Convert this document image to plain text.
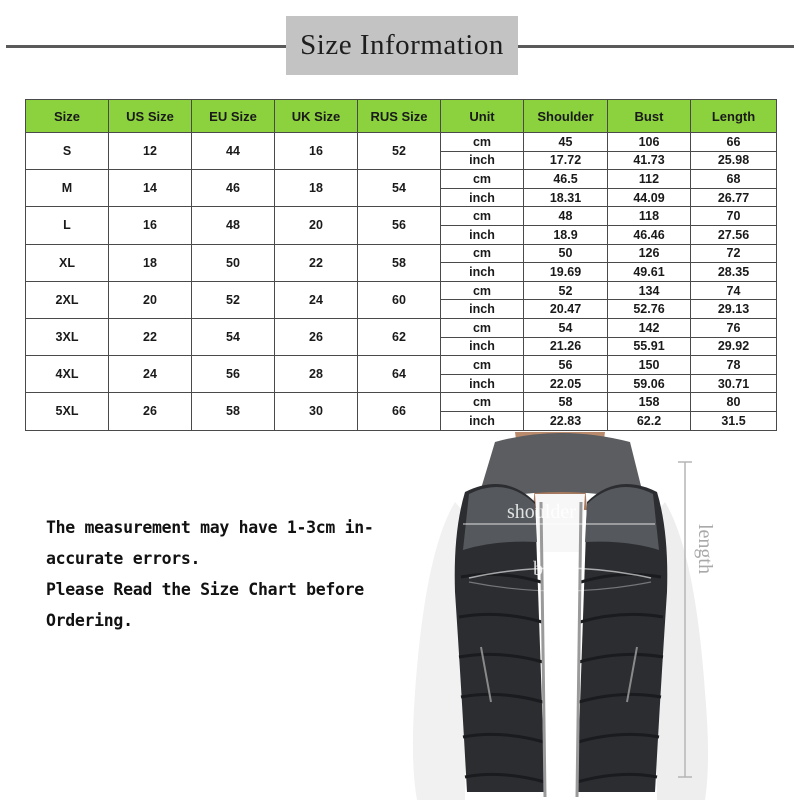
Size Information
Size	US Size	EU Size	UK Size	RUS Size	Unit	Shoulder	Bust	Length
S	12	44	16	52	cm	45	106	66
					inch	17.72	41.73	25.98
M	14	46	18	54	cm	46.5	112	68
					inch	18.31	44.09	26.77
L	16	48	20	56	cm	48	118	70
					inch	18.9	46.46	27.56
XL	18	50	22	58	cm	50	126	72
					inch	19.69	49.61	28.35
2XL	20	52	24	60	cm	52	134	74
					inch	20.47	52.76	29.13
3XL	22	54	26	62	cm	54	142	76
					inch	21.26	55.91	29.92
4XL	24	56	28	64	cm	56	150	78
					inch	22.05	59.06	30.71
5XL	26	58	30	66	cm	58	158	80
					inch	22.83	62.2	31.5
The measurement may have 1-3cm in-
accurate errors.
Please Read the Size Chart before
Ordering.
shoulder
bust	length
